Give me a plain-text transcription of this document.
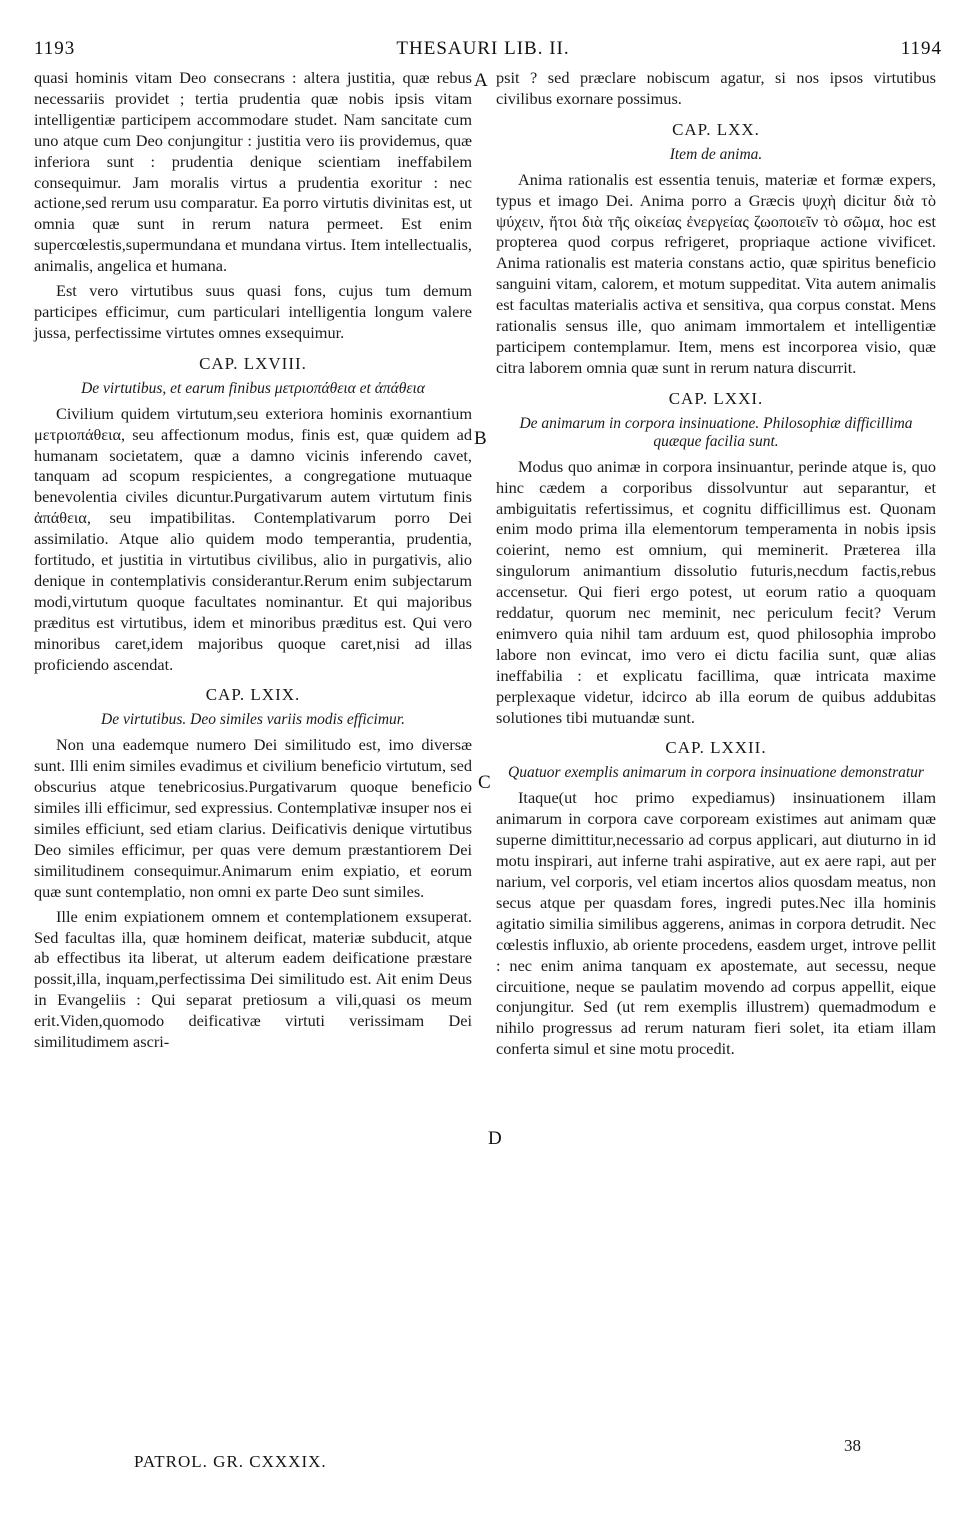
1193	THESAURI LIB. II.	1194
A
B
C
D

quasi hominis vitam Deo consecrans : altera justitia, quæ rebus necessariis providet ; tertia prudentia quæ nobis ipsis vitam intelligentiæ participem accommodare studet. Nam sancitate cum uno atque cum Deo conjungitur : justitia vero iis providemus, quæ inferiora sunt : prudentia denique scientiam ineffabilem consequimur. Jam moralis virtus a prudentia exoritur : nec actione,sed rerum usu comparatur. Ea porro virtutis divinitas est, ut omnia quæ sunt in rerum natura permeet. Est enim supercœlestis,supermundana et mundana virtus. Item intellectualis, animalis, angelica et humana.

Est vero virtutibus suus quasi fons, cujus tum demum participes efficimur, cum particulari intelligentia longum valere jussa, perfectissime virtutes omnes exsequimur.

CAP. LXVIII.
De virtutibus, et earum finibus μετριοπάθεια et ἀπάθεια

Civilium quidem virtutum,seu exteriora hominis exornantium μετριοπάθεια, seu affectionum modus, finis est, quæ quidem ad humanam societatem, quæ a damno vicinis inferendo cavet, tanquam ad scopum respicientes, a congregatione mutuaque benevolentia civiles dicuntur.Purgativarum autem virtutum finis ἀπάθεια, seu impatibilitas. Contemplativarum porro Dei assimilatio. Atque alio quidem modo temperantia, prudentia, fortitudo, et justitia in virtutibus civilibus, alio in purgativis, alio denique in contemplativis considerantur.Rerum enim subjectarum modi,virtutum quoque facultates nominantur. Et qui majoribus præditus est virtutibus, idem et minoribus præditus est. Qui vero minoribus caret,idem majoribus quoque caret,nisi ad illas proficiendo ascendat.

CAP. LXIX.
De virtutibus. Deo similes variis modis efficimur.

Non una eademque numero Dei similitudo est, imo diversæ sunt. Illi enim similes evadimus et civilium beneficio virtutum, sed obscurius atque tenebricosius.Purgativarum quoque beneficio similes illi efficimur, sed expressius. Contemplativæ insuper nos ei similes efficiunt, sed etiam clarius. Deificativis denique virtutibus Deo similes efficimur, per quas vere demum præstantiorem Dei similitudinem consequimur.Animarum enim expiatio, et eorum quæ sunt contemplatio, non omni ex parte Deo sunt similes.

Ille enim expiationem omnem et contemplationem exsuperat. Sed facultas illa, quæ hominem deificat, materiæ subducit, atque ab effectibus ita liberat, ut alterum eadem deificatione præstare possit,illa, inquam,perfectissima Dei similitudo est. Ait enim Deus in Evangeliis : Qui separat pretiosum a vili,quasi os meum erit.Viden,quomodo deificativæ virtuti verissimam Dei similitudimem ascri-

psit ? sed præclare nobiscum agatur, si nos ipsos virtutibus civilibus exornare possimus.

CAP. LXX.
Item de anima.

Anima rationalis est essentia tenuis, materiæ et formæ expers, typus et imago Dei. Anima porro a Græcis ψυχὴ dicitur διὰ τὸ ψύχειν, ἤτοι διὰ τῆς οἰκείας ἐνεργείας ζωοποιεῖν τὸ σῶμα, hoc est propterea quod corpus refrigeret, propriaque actione vivificet. Anima rationalis est materia constans actio, quæ spiritus beneficio sanguini vitam, calorem, et motum suppeditat. Vita autem animalis est facultas materialis activa et sensitiva, qua corpus constat. Mens rationalis sensus ille, quo animam immortalem et intelligentiæ participem contemplamur. Item, mens est incorporea visio, quæ citra laborem omnia quæ sunt in rerum natura discurrit.

CAP. LXXI.
De animarum in corpora insinuatione. Philosophiæ difficillima quæque facilia sunt.

Modus quo animæ in corpora insinuantur, perinde atque is, quo hinc cædem a corporibus dissolvuntur aut separantur, et ambiguitatis refertissimus, et cognitu difficillimus est. Quonam enim modo prima illa elementorum temperamenta in nobis ipsis coierint, nemo est omnium, qui meminerit. Præterea illa singulorum animantium dissolutio futuris,necdum factis,rebus accensetur. Qui fieri ergo potest, ut eorum ratio a quoquam reddatur, quorum nec meminit, nec periculum fecit? Verum enimvero quia nihil tam arduum est, quod philosophia improbo labore non evincat, imo vero ei dictu facilia sunt, quæ alias ineffabilia : et explicatu facillima, quæ intricata maxime perplexaque videtur, idcirco ab illa eorum de quibus addubitas solutiones tibi mutuandæ sunt.

CAP. LXXII.
Quatuor exemplis animarum in corpora insinuatione demonstratur

Itaque(ut hoc primo expediamus) insinuationem illam animarum in corpora cave corpoream existimes aut animam quæ superne dimittitur,necessario ad corpus applicari, aut diuturno in id motu inspirari, aut inferne trahi aspirative, aut ex aere rapi, aut per narium, vel corporis, vel etiam incertos alios quosdam meatus, non secus atque per quasdam fores, ingredi putes.Nec illa hominis agitatio similia similibus aggerens, animas in corpora detrudit. Nec cœlestis influxio, ab oriente procedens, easdem urget, introve pellit : nec enim anima tanquam ex apostemate, aut secessu, neque circuitione, neque se paulatim movendo ad corpus appellit, eique conjungitur. Sed (ut rem exemplis illustrem) quemadmodum e nihilo progressus ad rerum naturam fieri solet, ita etiam illam conferta simul et sine motu procedit.

PATROL. GR. CXXXIX.
38
